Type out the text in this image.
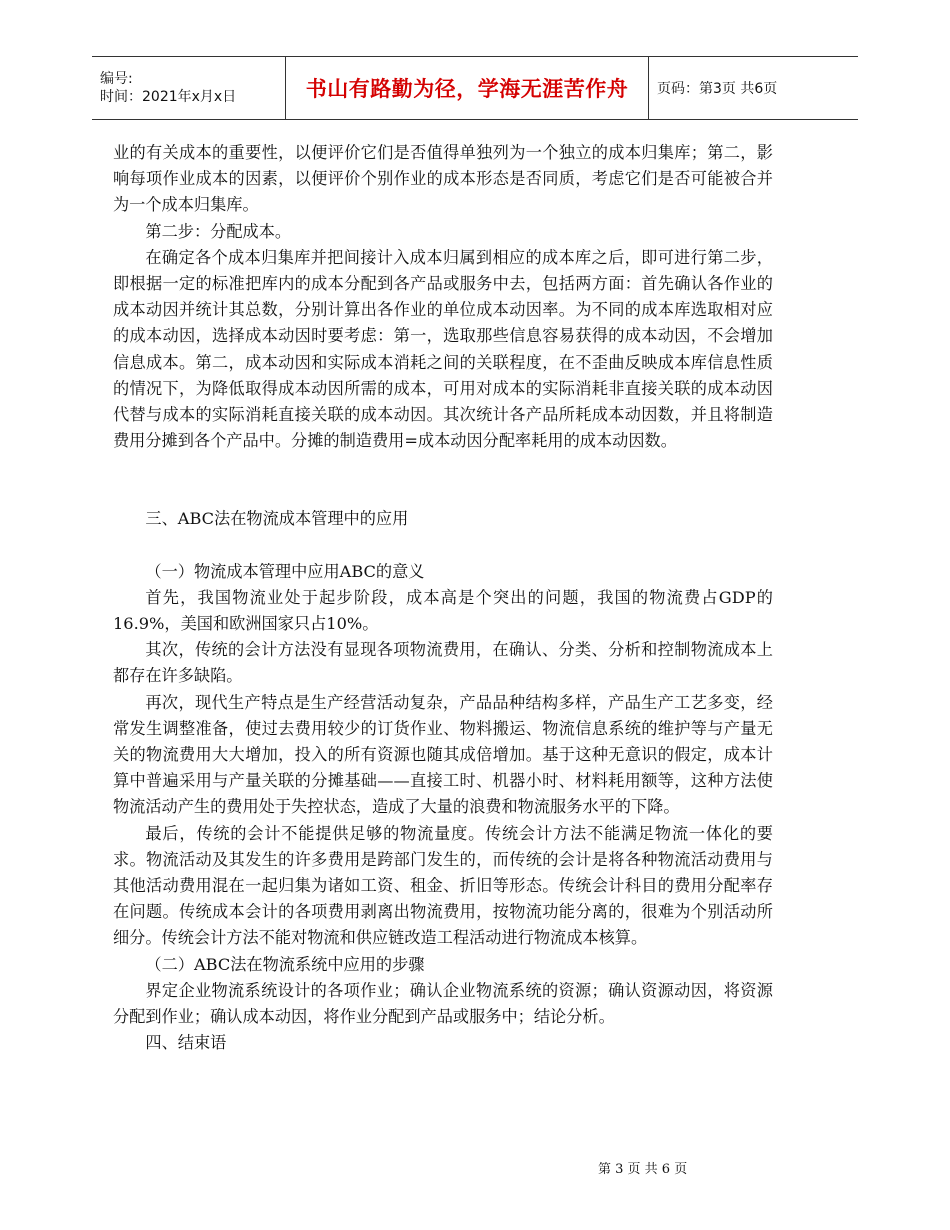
编号:
时间：2021年x月x日	书山有路勤为径，学海无涯苦作舟 页码：第3页 共6页

业的有关成本的重要性，以便评价它们是否值得单独列为一个独立的成本归集库；第二，影响每项作业成本的因素，以便评价个别作业的成本形态是否同质，考虑它们是否可能被合并为一个成本归集库。

第二步：分配成本。

在确定各个成本归集库并把间接计入成本归属到相应的成本库之后，即可进行第二步，即根据一定的标准把库内的成本分配到各产品或服务中去，包括两方面：首先确认各作业的成本动因并统计其总数，分别计算出各作业的单位成本动因率。为不同的成本库选取相对应的成本动因，选择成本动因时要考虑：第一，选取那些信息容易获得的成本动因，不会增加信息成本。第二，成本动因和实际成本消耗之间的关联程度，在不歪曲反映成本库信息性质的情况下，为降低取得成本动因所需的成本，可用对成本的实际消耗非直接关联的成本动因代替与成本的实际消耗直接关联的成本动因。其次统计各产品所耗成本动因数，并且将制造费用分摊到各个产品中。分摊的制造费用=成本动因分配率耗用的成本动因数。

三、ABC法在物流成本管理中的应用
（一）物流成本管理中应用ABC的意义

首先，我国物流业处于起步阶段，成本高是个突出的问题，我国的物流费占GDP的16.9%，美国和欧洲国家只占10%。

其次，传统的会计方法没有显现各项物流费用，在确认、分类、分析和控制物流成本上都存在许多缺陷。

再次，现代生产特点是生产经营活动复杂，产品品种结构多样，产品生产工艺多变，经常发生调整准备，使过去费用较少的订货作业、物料搬运、物流信息系统的维护等与产量无关的物流费用大大增加，投入的所有资源也随其成倍增加。基于这种无意识的假定，成本计算中普遍采用与产量关联的分摊基础——直接工时、机器小时、材料耗用额等，这种方法使物流活动产生的费用处于失控状态，造成了大量的浪费和物流服务水平的下降。

最后，传统的会计不能提供足够的物流量度。传统会计方法不能满足物流一体化的要求。物流活动及其发生的许多费用是跨部门发生的，而传统的会计是将各种物流活动费用与其他活动费用混在一起归集为诸如工资、租金、折旧等形态。传统会计科目的费用分配率存在问题。传统成本会计的各项费用剥离出物流费用，按物流功能分离的，很难为个别活动所细分。传统会计方法不能对物流和供应链改造工程活动进行物流成本核算。

（二）ABC法在物流系统中应用的步骤

界定企业物流系统设计的各项作业；确认企业物流系统的资源；确认资源动因，将资源分配到作业；确认成本动因，将作业分配到产品或服务中；结论分析。

四、结束语
第 3 页 共 6 页
